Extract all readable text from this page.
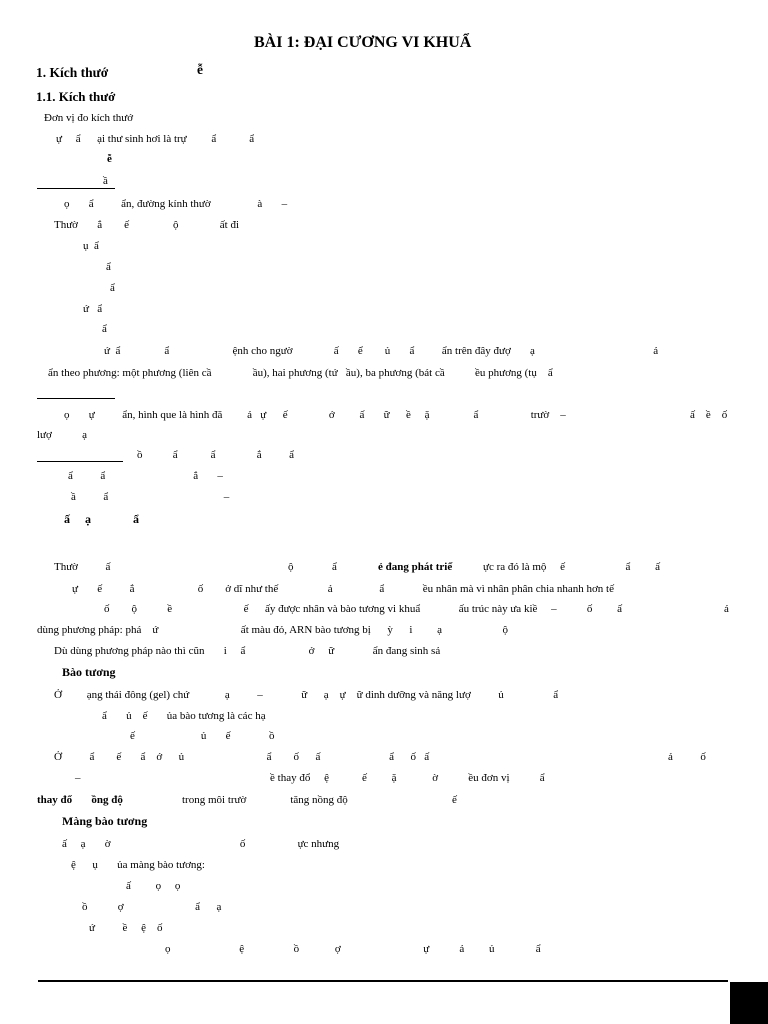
BÀI 1: ĐẠI CƯƠNG VI KHUẨ
1. Kích thướ	ễ
1.1. Kích thướ
Đơn vị đo kích thướ
ự     ẩ      ại thư sinh hơi là trự         ẩ            ẩ
ễ
ầ
ọ       ẩ          ẩn, đường kính thườ                 à       –
Thườ       ắ        ế                ộ               ất đi
ụ  ẩ
ẩ
ẩ
ứ   ẩ
ẩ
ứ  ẩ                ẩ                       ệnh cho ngườ               ấ       ể        ủ       ẩ          ẩn trên đây đượ       ạ                                           ả
ẩn theo phương: một phương (liên cầ               ầu), hai phương (tứ   ầu), ba phương (bát cầ           ều phương (tụ    ẩ
ọ       ự          ẩn, hình que là hình đă         ả   ự      ế               ớ         ấ       ữ      ề     ặ                ẩ                   trườ    –	ấ    ề    ố
lượ           ạ
ồ           ẩ            ẩ               ắ          ẩ
ẩ          ẩ                                ắ       –
ầ          ẩ                                          –
ấ     ạ              ẩ
Thườ          ấ	ộ              ẩ	ẻ đang phát triể	ực ra đó là mộ     ế                      ẩ         ấ
ự       ế          ắ                       ố        ở dĩ như thế                  ả                 ẩ              ều nhân mà vì nhân phân chia nhanh hơn tế
ố        ộ           ề                          ế      ấy được nhân và bào tương vi khuẩ              ấu trúc này ưa kiề     –           ố         ấ	á
dùng phương pháp: phá    ứ                              ất màu đỏ, ARN bào tương bị      ỳ      i         ạ                      ộ
Dù dùng phương pháp nào thì cũn       i     ẩ                       ở     ữ              ẩn đang sinh sả
Bào tương
Ở         ạng thái đông (gel) chứ             ạ          –              ữ      ạ    ự    ữ dinh dưỡng và năng lượ          ủ                  ẩ
ẩ       ủ    ế       ủa bào tương là các hạ
ế                        ủ       ế              ồ
Ở          ẩ        ế       ẩ    ớ      ủ                              ẩ        ố      ấ                         ẩ      ố   ấ	ả          ố
–	ề thay đổ     ệ            ế         ặ             ờ           ều đơn vị           ẩ
thay đổ       ồng độ	trong môi trườ                tăng nồng độ	ế
Màng bào tương
ấ     ạ       ờ                                               ố                   ực nhưng
ệ      ụ       ủa màng bào tương:
ấ         ọ     ọ
ồ           ợ                          ẩ      ạ
ứ          ề     ệ    ố
ọ                         ệ                  ồ             ợ                              ự           ả         ủ               ẩ
